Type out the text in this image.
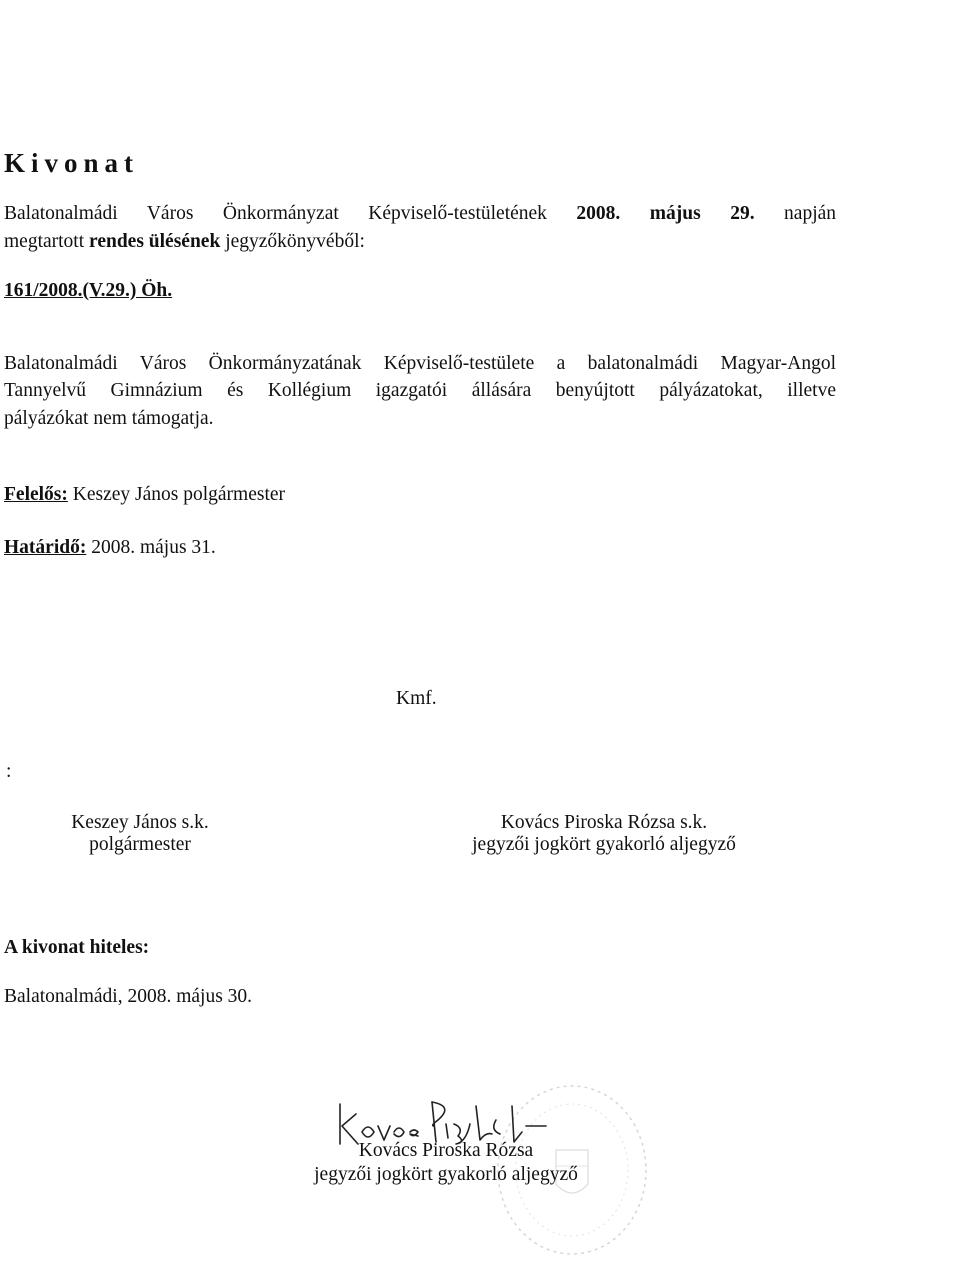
Kivonat
Balatonalmádi Város Önkormányzat Képviselő-testületének 2008. május 29. napján
megtartott rendes ülésének jegyzőkönyvéből:
161/2008.(V.29.) Öh.
Balatonalmádi Város Önkormányzatának Képviselő-testülete a balatonalmádi Magyar-Angol
Tannyelvű Gimnázium és Kollégium igazgatói állására benyújtott pályázatokat, illetve
pályázókat nem támogatja.
Felelős: Keszey János polgármester
Határidő: 2008. május 31.
Kmf.
:
Keszey János s.k.
polgármester
Kovács Piroska Rózsa s.k.
jegyzői jogkört gyakorló aljegyző
A kivonat hiteles:
Balatonalmádi, 2008. május 30.
Kovács Piroska Rózsa
jegyzői jogkört gyakorló aljegyző
